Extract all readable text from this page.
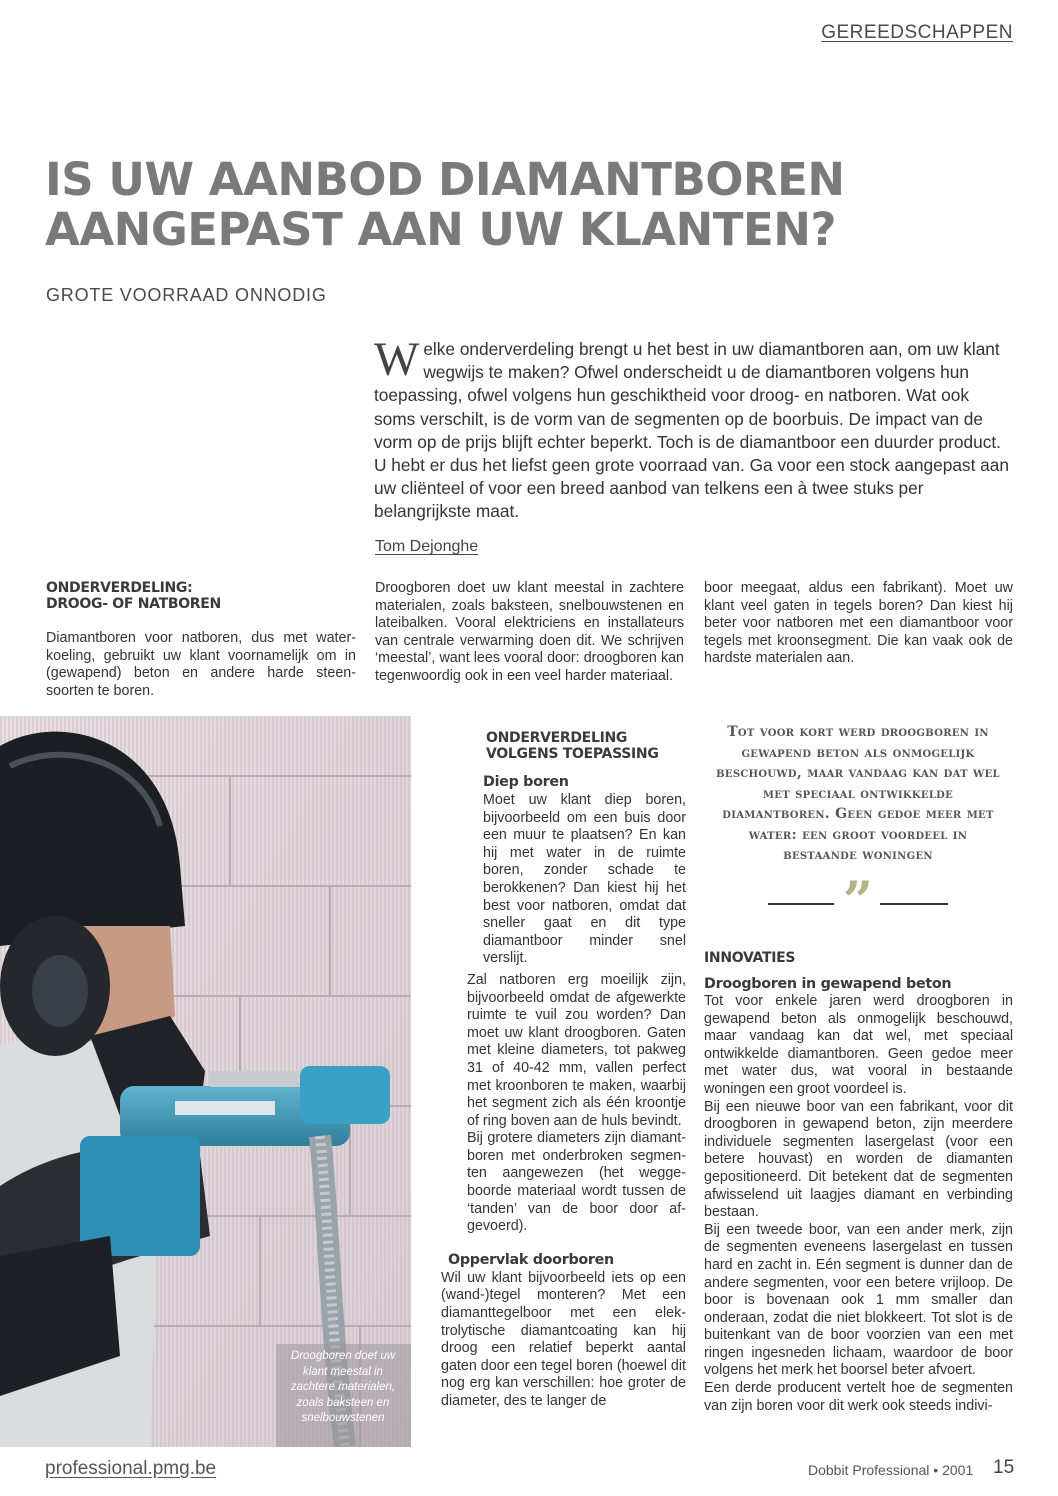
GEREEDSCHAPPEN
IS UW AANBOD DIAMANTBOREN
AANGEPAST AAN UW KLANTEN?
GROTE VOORRAAD ONNODIG

Welke onderverdeling brengt u het best in uw diamantboren aan, om uw klant wegwijs te maken? Ofwel onderscheidt u de diamantboren volgens hun toepassing, ofwel volgens hun geschiktheid voor droog- en natboren. Wat ook soms verschilt, is de vorm van de segmenten op de boorbuis. De impact van de vorm op de prijs blijft echter beperkt. Toch is de diamantboor een duurder product. U hebt er dus het liefst geen grote voorraad van. Ga voor een stock aangepast aan uw cliënteel of voor een breed aanbod van telkens een à twee stuks per belangrijkste maat.

Tom Dejonghe
ONDERVERDELING: DROOG- OF NATBOREN

Diamantboren voor natboren, dus met waterkoeling, gebruikt uw klant voornamelijk om in (gewapend) beton en andere harde steensoorten te boren.

Droogboren doet uw klant meestal in zachtere materialen, zoals baksteen, snelbouwstenen en lateibalken. Vooral elektriciens en installateurs van centrale verwarming doen dit. We schrijven ‘meestal’, want lees vooral door: droogboren kan tegenwoordig ook in een veel harder materiaal.

boor meegaat, aldus een fabrikant). Moet uw klant veel gaten in tegels boren? Dan kiest hij beter voor natboren met een diamantboor voor tegels met kroonsegment. Die kan vaak ook de hardste materialen aan.

Droogboren doet uw klant meestal in zachtere materialen, zoals baksteen en snelbouwstenen
ONDERVERDELING VOLGENS TOEPASSING
Diep boren

Moet uw klant diep boren, bijvoorbeeld om een buis door een muur te plaatsen? En kan hij met water in de ruimte boren, zonder schade te berokkenen? Dan kiest hij het best voor natboren, omdat dat sneller gaat en dit type diamantboor minder snel verslijt.

Zal natboren erg moeilijk zijn, bijvoorbeeld omdat de afgewerkte ruimte te vuil zou worden? Dan moet uw klant droogboren. Gaten met kleine diameters, tot pakweg 31 of 40-42 mm, vallen perfect met kroonboren te maken, waarbij het segment zich als één kroontje of ring boven aan de huls bevindt.

Bij grotere diameters zijn diamantboren met onderbroken segmenten aangewezen (het weggeboorde materiaal wordt tussen de ‘tanden’ van de boor door afgevoerd).

Oppervlak doorboren

Wil uw klant bijvoorbeeld iets op een (wand-)tegel monteren? Met een diamanttegelboor met een elektrolytische diamantcoating kan hij droog een relatief beperkt aantal gaten door een tegel boren (hoewel dit nog erg kan verschillen: hoe groter de diameter, des te langer de

Tot voor kort werd droogboren in gewapend beton als onmogelijk beschouwd, maar vandaag kan dat wel met speciaal ontwikkelde diamantboren. Geen gedoe meer met water: een groot voordeel in bestaande woningen

”
INNOVATIES
Droogboren in gewapend beton

Tot voor enkele jaren werd droogboren in gewapend beton als onmogelijk beschouwd, maar vandaag kan dat wel, met speciaal ontwikkelde diamantboren. Geen gedoe meer met water dus, wat vooral in bestaande woningen een groot voordeel is.

Bij een nieuwe boor van een fabrikant, voor dit droogboren in gewapend beton, zijn meerdere individuele segmenten lasergelast (voor een betere houvast) en worden de diamanten gepositioneerd. Dit betekent dat de segmenten afwisselend uit laagjes diamant en verbinding bestaan.

Bij een tweede boor, van een ander merk, zijn de segmenten eveneens lasergelast en tussen hard en zacht in. Eén segment is dunner dan de andere segmenten, voor een betere vrijloop. De boor is bovenaan ook 1 mm smaller dan onderaan, zodat die niet blokkeert. Tot slot is de buitenkant van de boor voorzien van een met ringen ingesneden lichaam, waardoor de boor volgens het merk het boorsel beter afvoert.

Een derde producent vertelt hoe de segmenten van zijn boren voor dit werk ook steeds indivi-

professional.pmg.be	Dobbit Professional • 2001 15
